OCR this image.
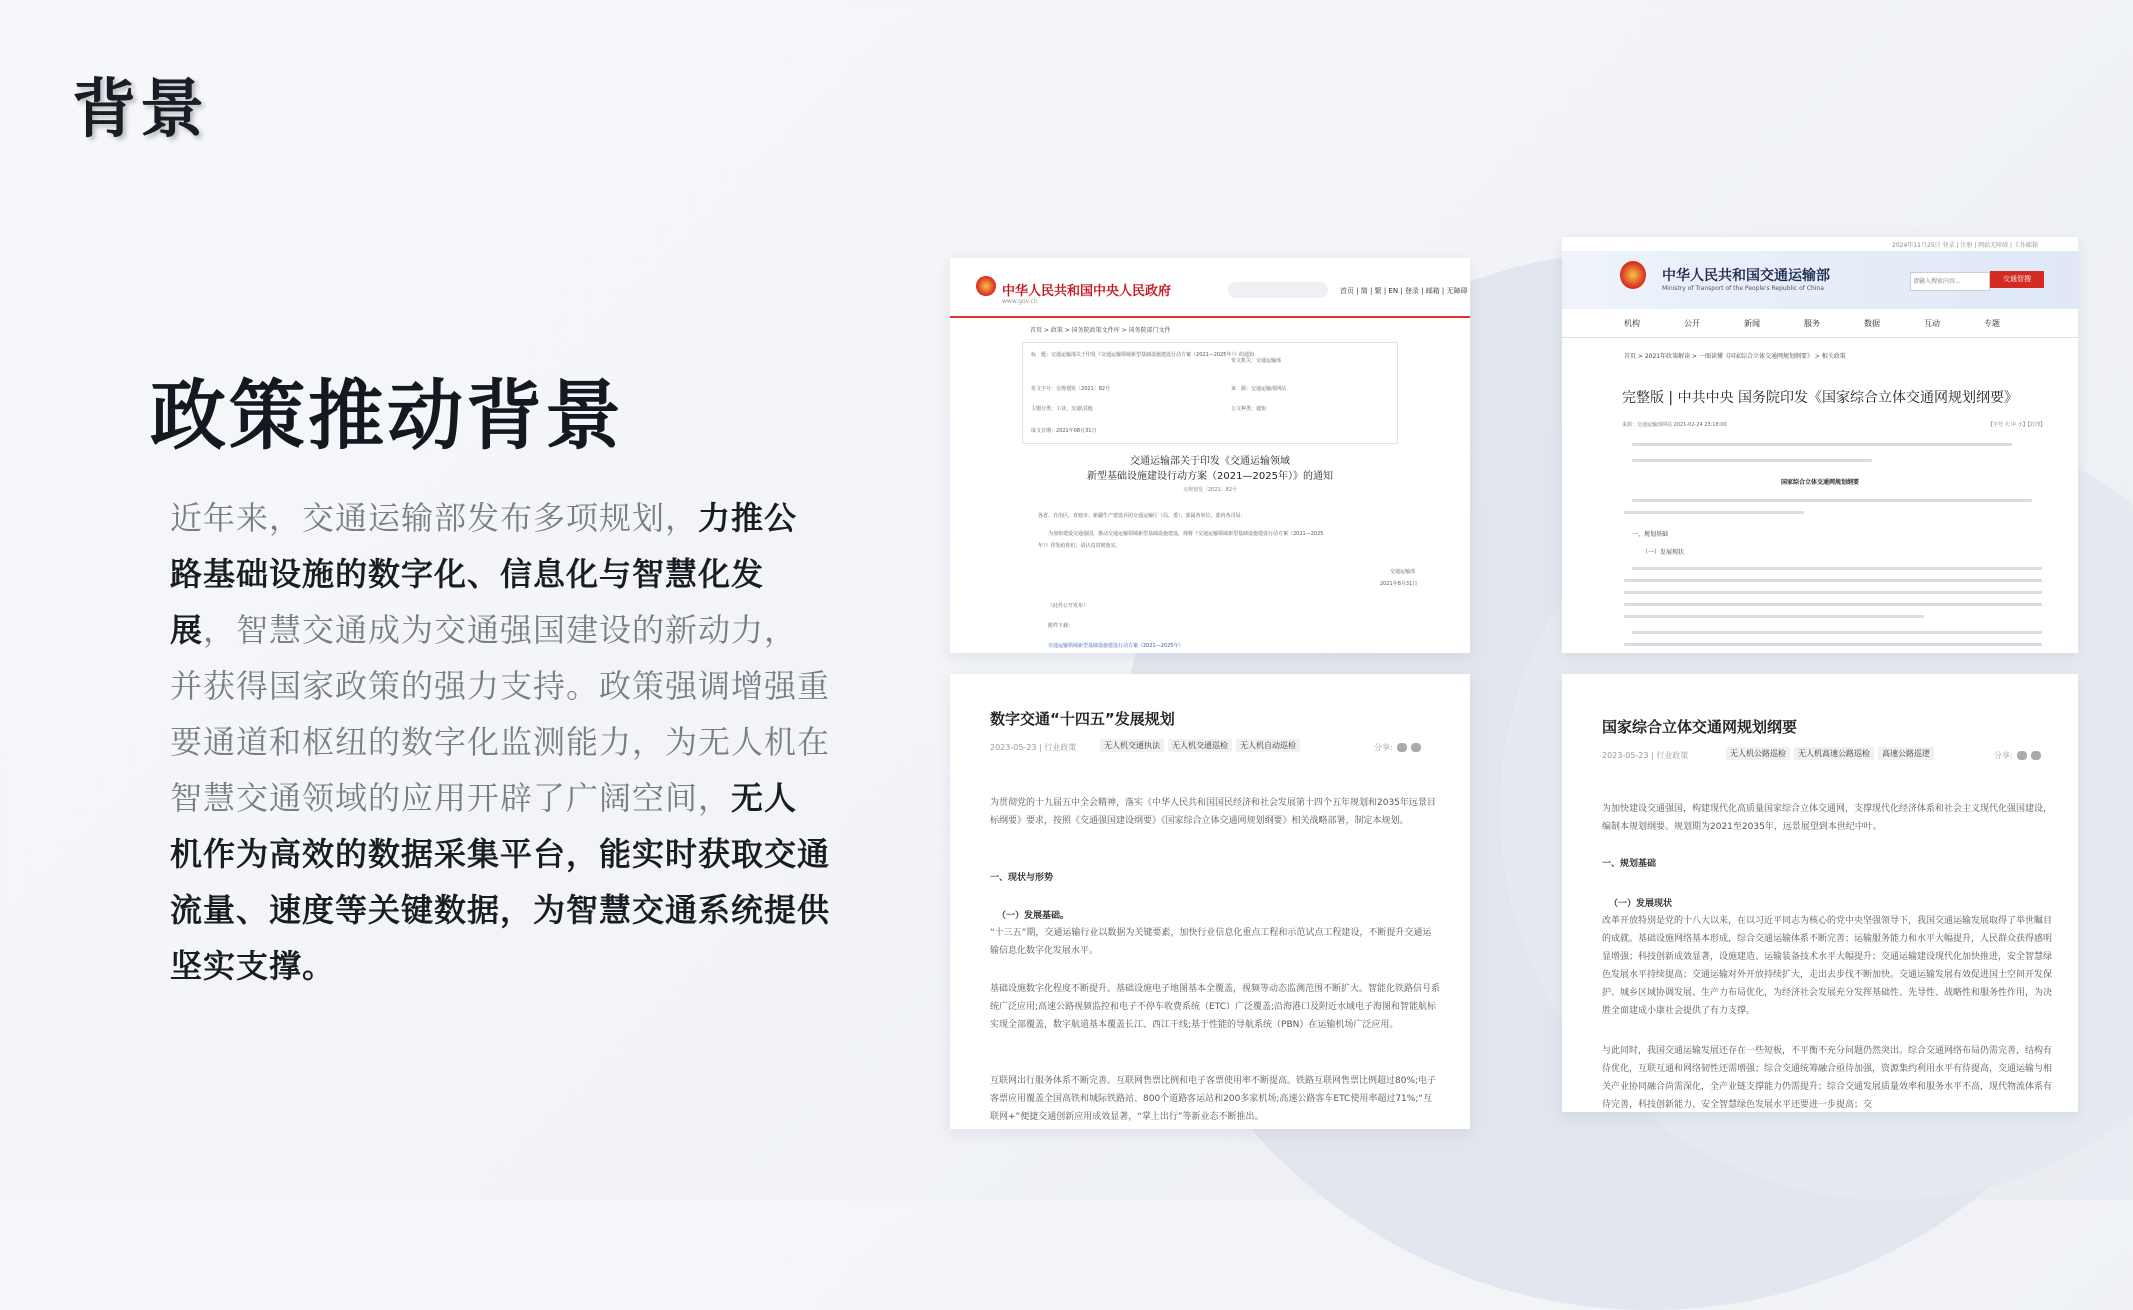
背景
政策推动背景
近年来，交通运输部发布多项规划，力推公路基础设施的数字化、信息化与智慧化发展，智慧交通成为交通强国建设的新动力，并获得国家政策的强力支持。政策强调增强重要通道和枢纽的数字化监测能力，为无人机在智慧交通领域的应用开辟了广阔空间，无人机作为高效的数据采集平台，能实时获取交通流量、速度等关键数据，为智慧交通系统提供坚实支撑。
中华人民共和国中央人民政府
www.gov.cn
首页 | 简 | 繁 | EN | 登录 | 邮箱 | 无障碍
首页 > 政策 > 国务院政策文件库 > 国务院部门文件
标　题：交通运输部关于印发《交通运输领域新型基础设施建设行动方案（2021—2025年）》的通知
发文机关：交通运输部
发文字号：交规划发〔2021〕82号	来　源：交通运输部网站
主题分类：工业、交通\其他	公文种类：通知
成文日期：2021年08月31日
交通运输部关于印发《交通运输领域
新型基础设施建设行动方案（2021—2025年）》的通知
交规划发〔2021〕82号
各省、自治区、直辖市、新疆生产建设兵团交通运输厅（局、委），部属各单位，部内各司局：
为加快建设交通强国，推动交通运输领域新型基础设施建设，现将《交通运输领域新型基础设施建设行动方案（2021—2025
年）》印发给你们，请认真贯彻落实。
交通运输部
2021年8月31日
（此件公开发布）
附件下载：
交通运输领域新型基础设施建设行动方案（2021—2025年）
2024年11月25日 登录 | 注册 | 网站无障碍 | 工作邮箱
中华人民共和国交通运输部
Ministry of Transport of the People's Republic of China
请输入搜索内容...
交通智搜
机构	公开	新闻	服务	数据	互动	专题
首页 > 2021年政策解读 > 一图读懂《国家综合立体交通网规划纲要》 > 相关政策
完整版 | 中共中央 国务院印发《国家综合立体交通网规划纲要》
来源：交通运输部网站 2021-02-24 23:18:00	【字号 大 中 小】【打印】
国家综合立体交通网规划纲要
一、规划基础
（一）发展现状
数字交通“十四五”发展规划
2023-05-23 | 行业政策	无人机交通执法 无人机交通巡检 无人机自动巡检	分享:
为贯彻党的十九届五中全会精神，落实《中华人民共和国国民经济和社会发展第十四个五年规划和2035年远景目标纲要》要求，按照《交通强国建设纲要》《国家综合立体交通网规划纲要》相关战略部署，制定本规划。
一、现状与形势
（一）发展基础。
“十三五”期，交通运输行业以数据为关键要素，加快行业信息化重点工程和示范试点工程建设，不断提升交通运输信息化数字化发展水平。
基础设施数字化程度不断提升。基础设施电子地图基本全覆盖，视频等动态监测范围不断扩大。智能化铁路信号系统广泛应用;高速公路视频监控和电子不停车收费系统（ETC）广泛覆盖;沿海港口及附近水域电子海图和智能航标实现全部覆盖，数字航道基本覆盖长江、西江干线;基于性能的导航系统（PBN）在运输机场广泛应用。
互联网出行服务体系不断完善。互联网售票比例和电子客票使用率不断提高。铁路互联网售票比例超过80%;电子客票应用覆盖全国高铁和城际铁路站、800个道路客运站和200多家机场;高速公路客车ETC使用率超过71%;“互联网+”便捷交通创新应用成效显著，“掌上出行”等新业态不断推出。
国家综合立体交通网规划纲要
2023-05-23 | 行业政策	无人机公路巡检 无人机高速公路巡检 高速公路巡逻	分享:
为加快建设交通强国，构建现代化高质量国家综合立体交通网，支撑现代化经济体系和社会主义现代化强国建设，编制本规划纲要。规划期为2021至2035年，远景展望到本世纪中叶。
一、规划基础
（一）发展现状
改革开放特别是党的十八大以来，在以习近平同志为核心的党中央坚强领导下，我国交通运输发展取得了举世瞩目的成就。基础设施网络基本形成，综合交通运输体系不断完善；运输服务能力和水平大幅提升，人民群众获得感明显增强；科技创新成效显著，设施建造、运输装备技术水平大幅提升；交通运输建设现代化加快推进，安全智慧绿色发展水平持续提高；交通运输对外开放持续扩大，走出去步伐不断加快。交通运输发展有效促进国土空间开发保护、城乡区域协调发展、生产力布局优化，为经济社会发展充分发挥基础性、先导性、战略性和服务性作用，为决胜全面建成小康社会提供了有力支撑。
与此同时，我国交通运输发展还存在一些短板，不平衡不充分问题仍然突出。综合交通网络布局仍需完善，结构有待优化，互联互通和网络韧性还需增强；综合交通统筹融合亟待加强，资源集约利用水平有待提高，交通运输与相关产业协同融合尚需深化，全产业链支撑能力仍需提升；综合交通发展质量效率和服务水平不高，现代物流体系有待完善，科技创新能力、安全智慧绿色发展水平还要进一步提高；交
